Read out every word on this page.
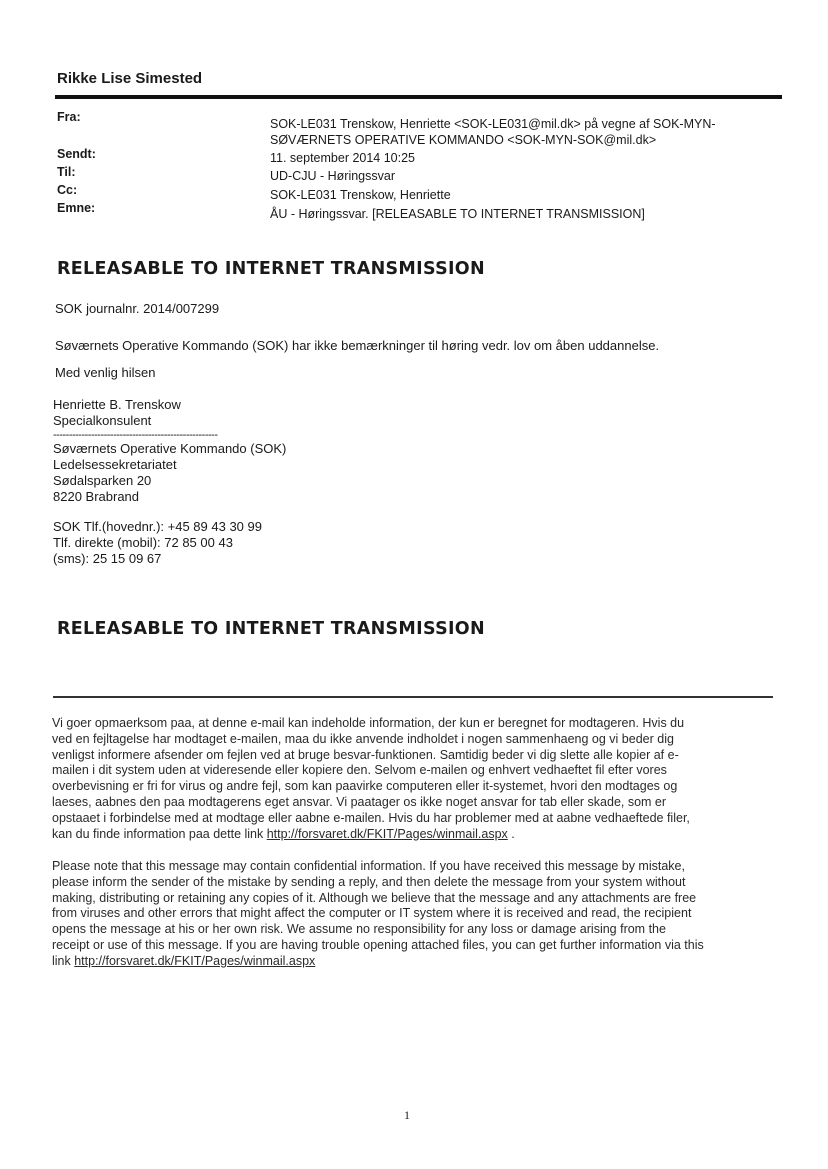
Rikke Lise Simested
Fra:	SOK-LE031 Trenskow, Henriette <SOK-LE031@mil.dk> på vegne af SOK-MYN-
SØVÆRNETS OPERATIVE KOMMANDO <SOK-MYN-SOK@mil.dk>
Sendt:	11. september 2014 10:25
Til:	UD-CJU - Høringssvar
Cc:	SOK-LE031 Trenskow, Henriette
Emne:	ÅU - Høringssvar. [RELEASABLE TO INTERNET TRANSMISSION]
RELEASABLE TO INTERNET TRANSMISSION
SOK journalnr. 2014/007299
Søværnets Operative Kommando (SOK) har ikke bemærkninger til høring vedr. lov om åben uddannelse.
Med venlig hilsen
Henriette B. Trenskow
Specialkonsulent
----------------------------------------------------
Søværnets Operative Kommando (SOK)
Ledelsessekretariatet
Sødalsparken 20
8220 Brabrand
SOK Tlf.(hovednr.): +45 89 43 30 99
Tlf. direkte (mobil): 72 85 00 43
(sms): 25 15 09 67
RELEASABLE TO INTERNET TRANSMISSION
Vi goer opmaerksom paa, at denne e-mail kan indeholde information, der kun er beregnet for modtageren. Hvis du
ved en fejltagelse har modtaget e-mailen, maa du ikke anvende indholdet i nogen sammenhaeng og vi beder dig
venligst informere afsender om fejlen ved at bruge besvar-funktionen. Samtidig beder vi dig slette alle kopier af e-
mailen i dit system uden at videresende eller kopiere den. Selvom e-mailen og enhvert vedhaeftet fil efter vores
overbevisning er fri for virus og andre fejl, som kan paavirke computeren eller it-systemet, hvori den modtages og
laeses, aabnes den paa modtagerens eget ansvar. Vi paatager os ikke noget ansvar for tab eller skade, som er
opstaaet i forbindelse med at modtage eller aabne e-mailen. Hvis du har problemer med at aabne vedhaeftede filer,
kan du finde information paa dette link http://forsvaret.dk/FKIT/Pages/winmail.aspx .
Please note that this message may contain confidential information. If you have received this message by mistake,
please inform the sender of the mistake by sending a reply, and then delete the message from your system without
making, distributing or retaining any copies of it. Although we believe that the message and any attachments are free
from viruses and other errors that might affect the computer or IT system where it is received and read, the recipient
opens the message at his or her own risk. We assume no responsibility for any loss or damage arising from the
receipt or use of this message. If you are having trouble opening attached files, you can get further information via this
link http://forsvaret.dk/FKIT/Pages/winmail.aspx
1
